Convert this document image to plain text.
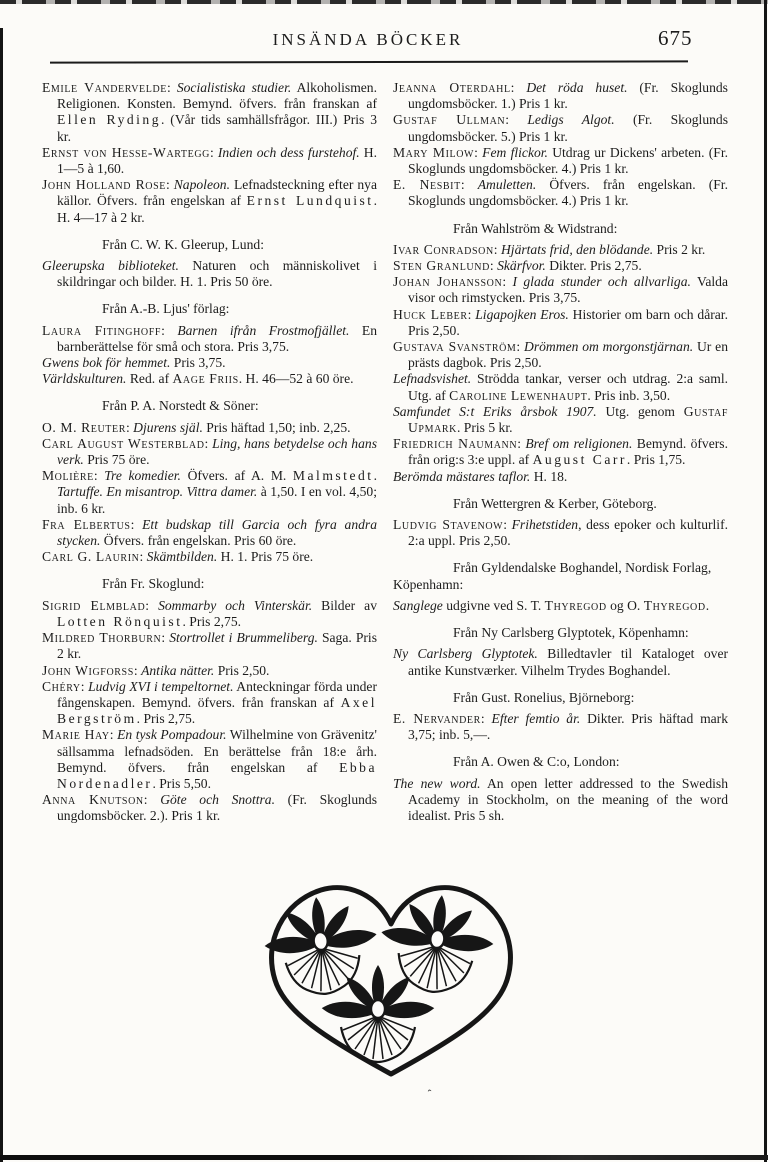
INSÄNDA BÖCKER	675

Emile Vandervelde: Socialistiska studier. Alkoholismen. Religionen. Konsten. Bemynd. öfvers. från franskan af Ellen Ryding. (Vår tids samhällsfrågor. III.) Pris 3 kr.

Ernst von Hesse-Wartegg: Indien och dess furstehof. H. 1—5 à 1,60.

John Holland Rose: Napoleon. Lefnadsteckning efter nya källor. Öfvers. från engelskan af Ernst Lundquist. H. 4—17 à 2 kr.

Från C. W. K. Gleerup, Lund:

Gleerupska biblioteket. Naturen och människolivet i skildringar och bilder. H. 1. Pris 50 öre.

Från A.-B. Ljus' förlag:

Laura Fitinghoff: Barnen ifrån Frostmofjället. En barnberättelse för små och stora. Pris 3,75.

Gwens bok för hemmet. Pris 3,75.

Världskulturen. Red. af Aage Friis. H. 46—52 à 60 öre.

Från P. A. Norstedt & Söner:

O. M. Reuter: Djurens själ. Pris häftad 1,50; inb. 2,25.

Carl August Westerblad: Ling, hans betydelse och hans verk. Pris 75 öre.

Molière: Tre komedier. Öfvers. af A. M. Malmstedt. Tartuffe. En misantrop. Vittra damer. à 1,50. I en vol. 4,50; inb. 6 kr.

Fra Elbertus: Ett budskap till Garcia och fyra andra stycken. Öfvers. från engelskan. Pris 60 öre.

Carl G. Laurin: Skämtbilden. H. 1. Pris 75 öre.

Från Fr. Skoglund:

Sigrid Elmblad: Sommarby och Vinterskär. Bilder av Lotten Rönquist. Pris 2,75.

Mildred Thorburn: Stortrollet i Brummeliberg. Saga. Pris 2 kr.

John Wigforss: Antika nätter. Pris 2,50.

Chéry: Ludvig XVI i tempeltornet. Anteckningar förda under fångenskapen. Bemynd. öfvers. från franskan af Axel Bergström. Pris 2,75.

Marie Hay: En tysk Pompadour. Wilhelmine von Grävenitz' sällsamma lefnadsöden. En berättelse från 18:e årh. Bemynd. öfvers. från engelskan af Ebba Nordenadler. Pris 5,50.

Anna Knutson: Göte och Snottra. (Fr. Skoglunds ungdomsböcker. 2.). Pris 1 kr.

Jeanna Oterdahl: Det röda huset. (Fr. Skoglunds ungdomsböcker. 1.) Pris 1 kr.

Gustaf Ullman: Ledigs Algot. (Fr. Skoglunds ungdomsböcker. 5.) Pris 1 kr.

Mary Milow: Fem flickor. Utdrag ur Dickens' arbeten. (Fr. Skoglunds ungdomsböcker. 4.) Pris 1 kr.

E. Nesbit: Amuletten. Öfvers. från engelskan. (Fr. Skoglunds ungdomsböcker. 4.) Pris 1 kr.

Från Wahlström & Widstrand:

Ivar Conradson: Hjärtats frid, den blödande. Pris 2 kr.

Sten Granlund: Skärfvor. Dikter. Pris 2,75.

Johan Johansson: I glada stunder och allvarliga. Valda visor och rimstycken. Pris 3,75.

Huck Leber: Ligapojken Eros. Historier om barn och dårar. Pris 2,50.

Gustava Svanström: Drömmen om morgonstjärnan. Ur en prästs dagbok. Pris 2,50.

Lefnadsvishet. Strödda tankar, verser och utdrag. 2:a saml. Utg. af Caroline Lewenhaupt. Pris inb. 3,50.

Samfundet S:t Eriks årsbok 1907. Utg. genom Gustaf Upmark. Pris 5 kr.

Friedrich Naumann: Bref om religionen. Bemynd. öfvers. från orig:s 3:e uppl. af August Carr. Pris 1,75.

Berömda mästares taflor. H. 18.

Från Wettergren & Kerber, Göteborg.

Ludvig Stavenow: Frihetstiden, dess epoker och kulturlif. 2:a uppl. Pris 2,50.

Från Gyldendalske Boghandel, Nordisk Forlag, Köpenhamn:

Sanglege udgivne ved S. T. Thyregod og O. Thyregod.

Från Ny Carlsberg Glyptotek, Köpenhamn:

Ny Carlsberg Glyptotek. Billedtavler til Kataloget over antike Kunstværker. Vilhelm Trydes Boghandel.

Från Gust. Ronelius, Björneborg:

E. Nervander: Efter femtio år. Dikter. Pris häftad mark 3,75; inb. 5,—.

Från A. Owen & C:o, London:

The new word. An open letter addressed to the Swedish Academy in Stockholm, on the meaning of the word idealist. Pris 5 sh.

ˆ
